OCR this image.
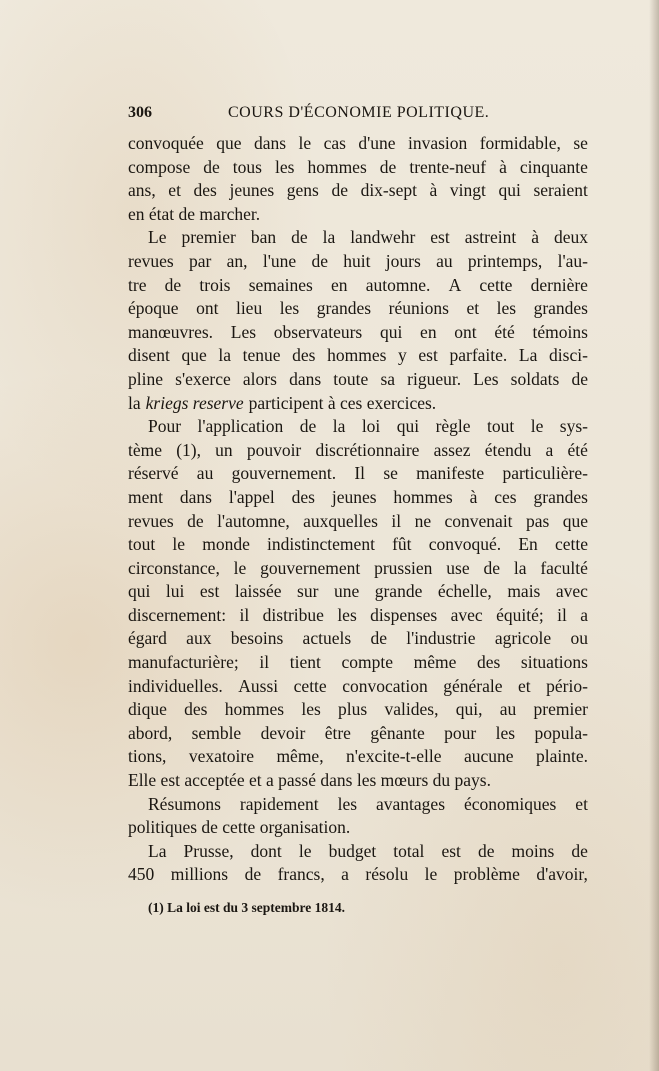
306	COURS D'ÉCONOMIE POLITIQUE.
convoquée que dans le cas d'une invasion formidable, se
compose de tous les hommes de trente-neuf à cinquante
ans, et des jeunes gens de dix-sept à vingt qui seraient
en état de marcher.
Le premier ban de la landwehr est astreint à deux
revues par an, l'une de huit jours au printemps, l'au-
tre de trois semaines en automne. A cette dernière
époque ont lieu les grandes réunions et les grandes
manœuvres. Les observateurs qui en ont été témoins
disent que la tenue des hommes y est parfaite. La disci-
pline s'exerce alors dans toute sa rigueur. Les soldats de
la kriegs reserve participent à ces exercices.
Pour l'application de la loi qui règle tout le sys-
tème (1), un pouvoir discrétionnaire assez étendu a été
réservé au gouvernement. Il se manifeste particulière-
ment dans l'appel des jeunes hommes à ces grandes
revues de l'automne, auxquelles il ne convenait pas que
tout le monde indistinctement fût convoqué. En cette
circonstance, le gouvernement prussien use de la faculté
qui lui est laissée sur une grande échelle, mais avec
discernement: il distribue les dispenses avec équité; il a
égard aux besoins actuels de l'industrie agricole ou
manufacturière; il tient compte même des situations
individuelles. Aussi cette convocation générale et pério-
dique des hommes les plus valides, qui, au premier
abord, semble devoir être gênante pour les popula-
tions, vexatoire même, n'excite-t-elle aucune plainte.
Elle est acceptée et a passé dans les mœurs du pays.
Résumons rapidement les avantages économiques et
politiques de cette organisation.
La Prusse, dont le budget total est de moins de
450 millions de francs, a résolu le problème d'avoir,
(1) La loi est du 3 septembre 1814.
